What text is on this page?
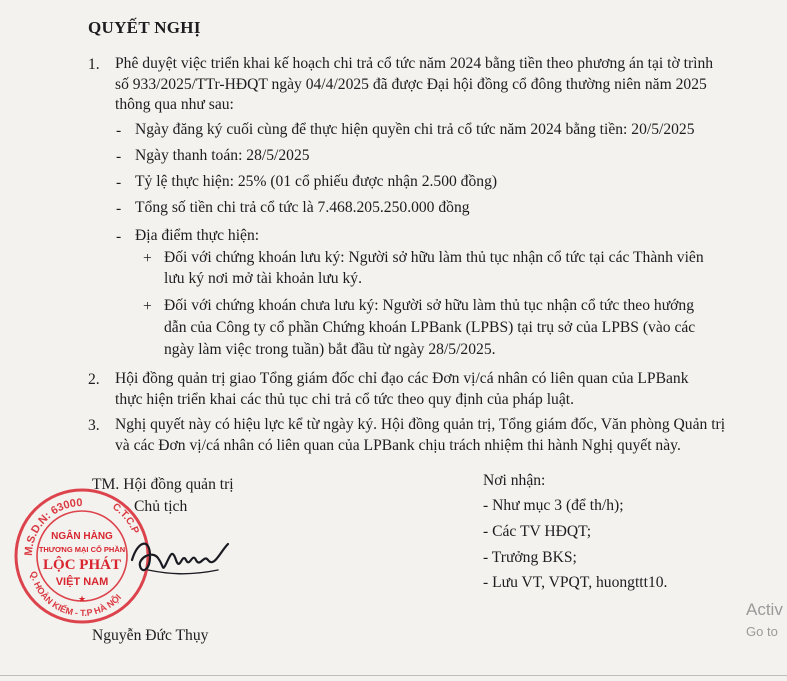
QUYẾT NGHỊ
1. Phê duyệt việc triển khai kế hoạch chi trả cổ tức năm 2024 bằng tiền theo phương án tại tờ trình
số 933/2025/TTr-HĐQT ngày 04/4/2025 đã được Đại hội đồng cổ đông thường niên năm 2025
thông qua như sau:
- Ngày đăng ký cuối cùng để thực hiện quyền chi trả cổ tức năm 2024 bằng tiền: 20/5/2025
- Ngày thanh toán: 28/5/2025
- Tỷ lệ thực hiện: 25% (01 cổ phiếu được nhận 2.500 đồng)
- Tổng số tiền chi trả cổ tức là 7.468.205.250.000 đồng
- Địa điểm thực hiện:
+ Đối với chứng khoán lưu ký: Người sở hữu làm thủ tục nhận cổ tức tại các Thành viên
lưu ký nơi mở tài khoản lưu ký.
+ Đối với chứng khoán chưa lưu ký: Người sở hữu làm thủ tục nhận cổ tức theo hướng
dẫn của Công ty cổ phần Chứng khoán LPBank (LPBS) tại trụ sở của LPBS (vào các
ngày làm việc trong tuần) bắt đầu từ ngày 28/5/2025.
2. Hội đồng quản trị giao Tổng giám đốc chỉ đạo các Đơn vị/cá nhân có liên quan của LPBank
thực hiện triển khai các thủ tục chi trả cổ tức theo quy định của pháp luật.
3. Nghị quyết này có hiệu lực kể từ ngày ký. Hội đồng quản trị, Tổng giám đốc, Văn phòng Quản trị
và các Đơn vị/cá nhân có liên quan của LPBank chịu trách nhiệm thi hành Nghị quyết này.
TM. Hội đồng quản trị
Chủ tịch
M.S.D.N: 63000	C.T.C.P
Q. HOÀN KIẾM - T.P HÀ NỘI
NGÂN HÀNG
THƯƠNG MẠI CỔ PHẦN
LỘC PHÁT
VIỆT NAM
★
Nguyễn Đức Thụy
Nơi nhận:
- Như mục 3 (để th/h);
- Các TV HĐQT;
- Trưởng BKS;
- Lưu VT, VPQT, huongttt10.
Activ
Go to
